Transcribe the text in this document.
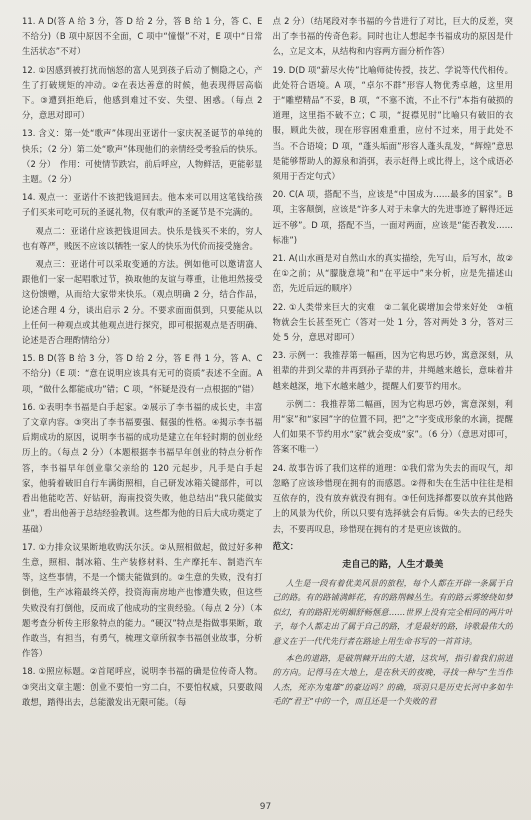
11. A D(答 A 给 3 分，答 D 给 2 分，答 B 给 1 分，答 C、E 不给分)（B 项中原因不全面，C 项中“憧憬”不对，E 项中“日常生活状态”不对）

12. ①因感到被打扰而恼怒的富人见到孩子后动了恻隐之心，产生了打破规矩的冲动。②在表达善意的时候，他表现得居高临下。③遭到拒绝后，他感到难过不安、失望、困惑。（每点 2 分，意思对即可）

13. 含义：第一处“歌声”体现出亚诺什一家庆祝圣诞节的单纯的快乐；（2 分）第二处“歌声”体现他们的亲情经受考验后的快乐。（2 分）　作用：可使情节跌宕，前后呼应，人物鲜活，更能彰显主题。（2 分）

14. 观点一：亚诺什不该把钱退回去。他本来可以用这笔钱给孩子们买来可吃可玩的圣诞礼物，仅有歌声的圣诞节是不完满的。

观点二：亚诺什应该把钱退回去。快乐是钱买不来的，穷人也有尊严，贱医不应该以牺牲一家人的快乐为代价而接受施舍。

观点三：亚诺什可以采取变通的方法。例如他可以邀请富人跟他们一家一起唱歌过节，换取他的友谊与尊重，让他坦然接受这份馈赠，从而给大家带来快乐。（观点明确 2 分，结合作品，论述合理 4 分，谈出启示 2 分。不要求面面俱到，只要能从以上任何一种观点或其他观点进行探究，即可根据观点是否明确、论述是否合理酌情给分）

15. B D(答 B 给 3 分，答 D 给 2 分，答 E 得 1 分，答 A、C 不给分)（E 项：“意在说明应该具有无可的资质”表述不全面。A 项，“做什么都能成功”错；C 项，“怀疑是没有一点根据的”错）

16. ①表明李书福是白手起家。②展示了李书福的成长史，丰富了文章内容。③突出了李书福要强、倔强的性格。④揭示李书福后期成功的原因，说明李书福的成功是建立在年轻时期的创业经历上的。（每点 2 分）（本题根据李书福早年创业的特点分析作答，李书福早年创业靠父亲给的 120 元起步，凡手是白手起家，他骑着破旧自行车满街照相，自己研发冰箱关键部件，可以看出他能吃苦、好钻研，海南投资失败，他总结出“我只能做实业”，看出他善于总结经验教训。这些都为他的日后大成功奠定了基础）

17. ①力排众议果断地收购沃尔沃。②从照相做起，做过好多种生意，照相、制冰箱、生产装修材料、生产摩托车、制造汽车等，这些事情，不是一个懦夫能做到的。②生意的失败，没有打倒他，生产冰箱最终关停，投资海南房地产也惨遭失败，但这些失败没有打倒他，反而成了他成功的宝贵经验。（每点 2 分）（本题考查分析传主形象特点的能力。“硬汉”特点是指做事果断，敢作敢当，有担当，有勇气，梳理文章所叙李书福创业故事，分析作答）

18. ①照应标题。②首尾呼应，说明李书福的确是位传奇人物。③突出文章主题：创业不要怕一穷二白，不要怕权威，只要敢闯敢想，踏得出去，总能激发出无限可能。（每

点 2 分）（结尾段对李书福的今昔进行了对比，巨大的反差，突出了李书福的传奇色彩。同时也让人想起李书福成功的原因是什么，立足文本，从结构和内容两方面分析作答）

19. D(D 项“薪尽火传”比喻师徒传授，技艺、学说等代代相传。此处符合语境。A 项，“卓尔不群”形容人物优秀卓越，这里用于“雕塑精品”不妥，B 项，“不塞不流，不止不行”本指有破损的道理，这里指不破不立；C 项，“捉襟见肘”比喻只有破旧的衣服，顾此失彼，现在形容困难重重，应付不过来，用于此处不当。不合语境；D 项，“蓬头垢面”形容人蓬头乱发，“辉煌”意思是能够帮助人的源泉和消弭，表示赶得上或比得上，这个成语必须用于否定句式）

20. C(A 项，搭配不当，应该是“中国成为……最多的国家”。B 项，主客颠倒，应该是“许多人对于未拿大的先进事迹了解得还远远不够”。D 项，搭配不当，一面对两面，应该是“能否教发……标准”)

21. A(山水画是对自然山水的真实描绘，先写山，后写水，故②在①之前；从“朦胧意境”和“在平远中”来分析，应是先描述山峦，先近后远的顺序）

22. ①人类带来巨大的灾难　②二氧化碳增加会带来好处　③植物就会生长甚至死亡（答对一处 1 分，答对两处 3 分，答对三处 5 分，意思对即可）

23. 示例一：我推荐第一幅画，因为它构思巧妙，寓意深刻，从祖辈的井到父辈的井再到孙子辈的井，井绳越来越长，意味着井越来越深，地下水越来越少，提醒人们要节约用水。

示例二：我推荐第二幅画，因为它构思巧妙，寓意深刻，利用“家”和“家园”字的位置不同，把“之”字变成形象的水滴，提醒人们如果不节约用水“家”就会变成“家”。（6 分）（意思对即可，答案不唯一）

24. 故事告诉了我们这样的道理：①我们常为失去的而叹气，却忽略了应该珍惜现在拥有的而感恩。②得和失在生活中往往是相互依存的，没有放弃就没有拥有。③任何选择都要以放弃其他路上的风景为代价，所以只要有选择就会有后悔。④失去的已经失去，不要再叹息，珍惜现在拥有的才是更应该做的。

范文：

走自己的路，人生才最美

人生是一段有着优美风景的旅程，每个人都在开辟一条属于自己的路。有的路铺满鲜花，有的路荆棘丛生。有的路云雾缭绕如梦似幻，有的路阳光明媚舒畅惬意……世界上没有完全相同的两片叶子，每个人都走出了属于自己的路，才是最好的路，诗歌最伟大的意义在于一代代先行者在路途上用生命书写的一首首诗。

本色的道路，是破荆棘开出的大道，这坎坷，指引着我们前进的方向。记得马在大地上，是在秋天的夜晚，寻找一种与“生当作人杰，死亦为鬼雄”的豪迈吗？的确，项羽只是历史长河中多如牛毛的“君王”中的一个，而且还是一个失败的君

97
